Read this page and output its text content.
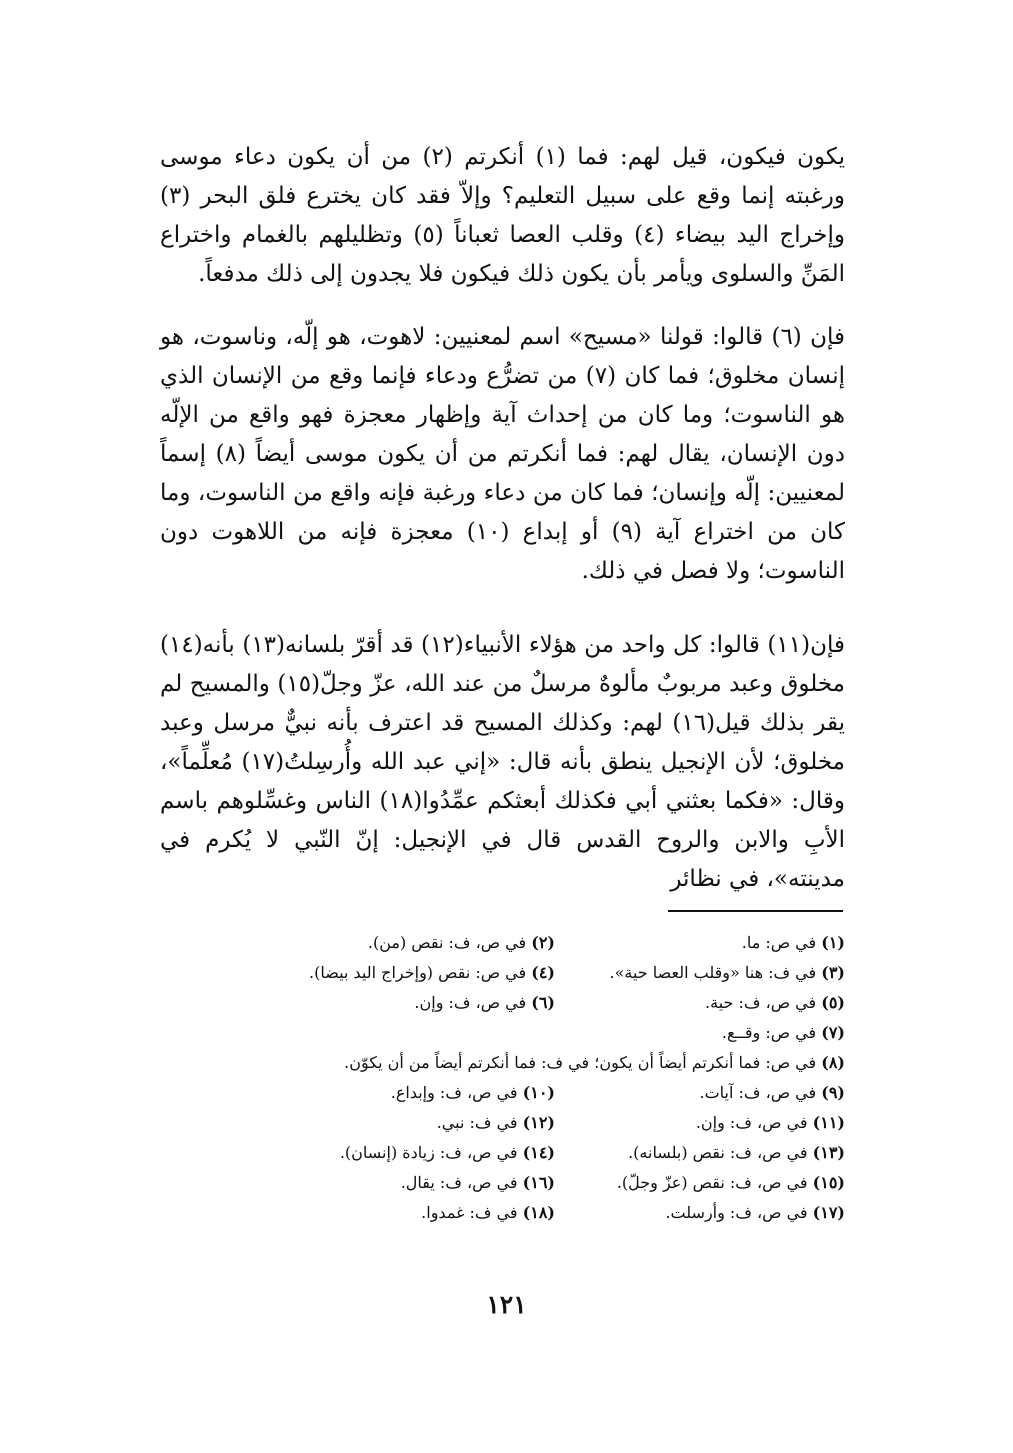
يكون فيكون، قيل لهم: فما (١) أنكرتم (٢) من أن يكون دعاء موسى ورغبته إنما وقع على سبيل التعليم؟ وإلاّ فقد كان يخترع فلق البحر (٣) وإخراج اليد بيضاء (٤) وقلب العصا ثعباناً (٥) وتظليلهم بالغمام واختراع المَنِّ والسلوى ويأمر بأن يكون ذلك فيكون فلا يجدون إلى ذلك مدفعاً.

فإن (٦) قالوا: قولنا «مسيح» اسم لمعنيين: لاهوت، هو إلّه، وناسوت، هو إنسان مخلوق؛ فما كان (٧) من تضرُّع ودعاء فإنما وقع من الإنسان الذي هو الناسوت؛ وما كان من إحداث آية وإظهار معجزة فهو واقع من الإلّه دون الإنسان، يقال لهم: فما أنكرتم من أن يكون موسى أيضاً (٨) إسماً لمعنيين: إلّه وإنسان؛ فما كان من دعاء ورغبة فإنه واقع من الناسوت، وما كان من اختراع آية (٩) أو إبداع (١٠) معجزة فإنه من اللاهوت دون الناسوت؛ ولا فصل في ذلك.

فإن(١١) قالوا: كل واحد من هؤلاء الأنبياء(١٢) قد أقرّ بلسانه(١٣) بأنه(١٤) مخلوق وعبد مربوبٌ مألوهٌ مرسلٌ من عند الله، عزّ وجلّ(١٥) والمسيح لم يقر بذلك قيل(١٦) لهم: وكذلك المسيح قد اعترف بأنه نبيٌّ مرسل وعبد مخلوق؛ لأن الإنجيل ينطق بأنه قال: «إني عبد الله وأُرسِلتُ(١٧) مُعلِّماً»، وقال: «فكما بعثني أبي فكذلك أبعثكم عمِّدُوا(١٨) الناس وغسِّلوهم باسم الأبِ والابن والروح القدس قال في الإنجيل: إنّ النّبي لا يُكرم في مدينته»، في نظائر

(١) في ص: ما.
(٢) في ص، ف: نقص (من).
(٣) في ف: هنا «وقلب العصا حية».
(٤) في ص: نقص (وإخراج اليد بيضا).
(٥) في ص، ف: حية.
(٦) في ص، ف: وإن.
(٧) في ص: وقــع.
(٨) في ص: فما أنكرتم أيضاً أن يكون؛ في ف: فما أنكرتم أيضاً من أن يكوّن.
(٩) في ص، ف: آيات.
(١٠) في ص، ف: وإبداع.
(١١) في ص، ف: وإن.
(١٢) في ف: نبي.
(١٣) في ص، ف: نقص (بلسانه).
(١٤) في ص، ف: زيادة (إنسان).
(١٥) في ص، ف: نقص (عزّ وجلّ).
(١٦) في ص، ف: يقال.
(١٧) في ص، ف: وأرسلت.
(١٨) في ف: غمدوا.
١٢١
